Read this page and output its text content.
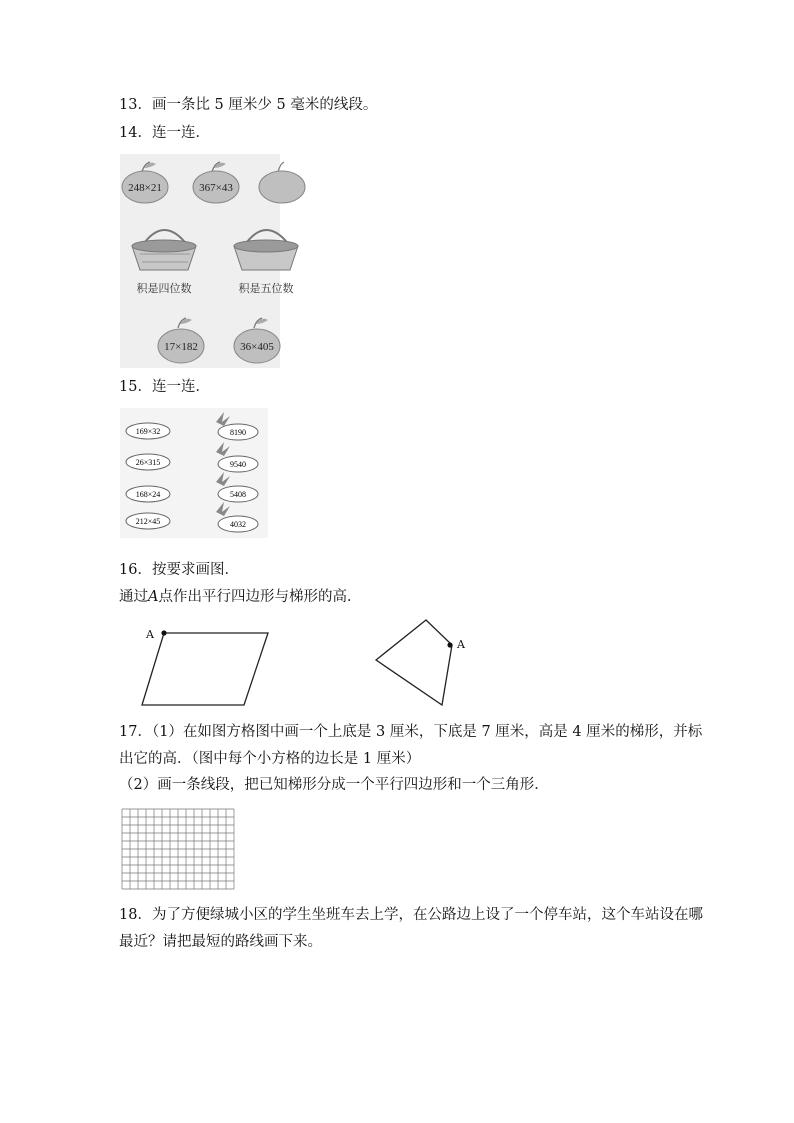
13．画一条比 5 厘米少 5 毫米的线段。
14．连一连．
248×21	367×43
积是四位数	积是五位数
17×182	36×405
15．连一连．
169×32
26×315
168×24
212×45
8190
9540
5408
4032
16．按要求画图．
通过A点作出平行四边形与梯形的高．
A
A
17．（1）在如图方格图中画一个上底是 3 厘米，下底是 7 厘米，高是 4 厘米的梯形，并标
出它的高．（图中每个小方格的边长是 1 厘米）
（2）画一条线段，把已知梯形分成一个平行四边形和一个三角形．
18．为了方便绿城小区的学生坐班车去上学，在公路边上设了一个停车站，这个车站设在哪
最近？请把最短的路线画下来。
